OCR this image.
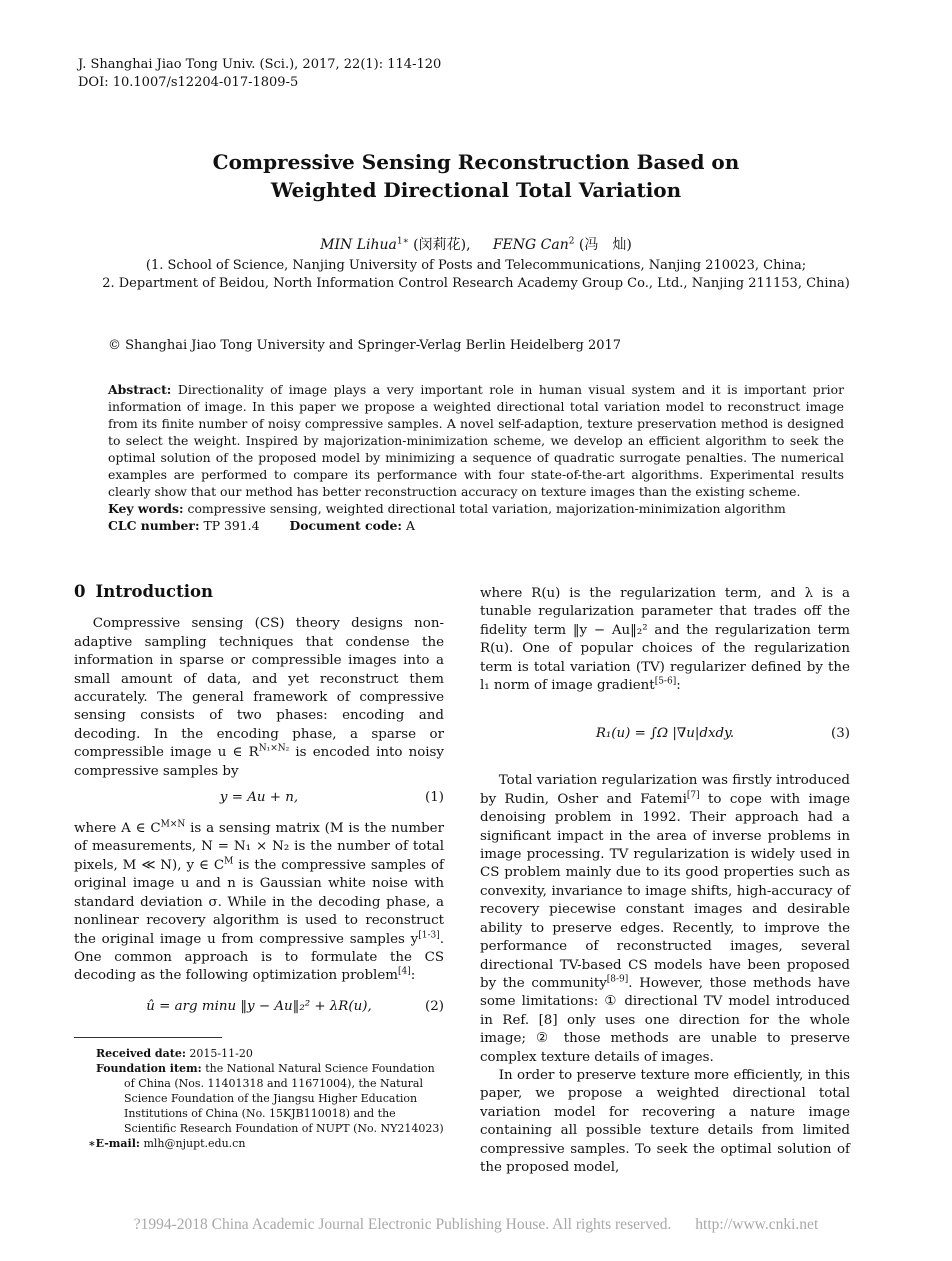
J. Shanghai Jiao Tong Univ. (Sci.), 2017, 22(1): 114-120
DOI: 10.1007/s12204-017-1809-5
Compressive Sensing Reconstruction Based on
Weighted Directional Total Variation
MIN Lihua$^{1∗}$ (闵莉花), FENG Can$^2$ (冯　灿)
(1. School of Science, Nanjing University of Posts and Telecommunications, Nanjing 210023, China;
2. Department of Beidou, North Information Control Research Academy Group Co., Ltd., Nanjing 211153, China)
© Shanghai Jiao Tong University and Springer-Verlag Berlin Heidelberg 2017
Abstract: Directionality of image plays a very important role in human visual system and it is important prior information of image. In this paper we propose a weighted directional total variation model to reconstruct image from its finite number of noisy compressive samples. A novel self-adaption, texture preservation method is designed to select the weight. Inspired by majorization-minimization scheme, we develop an efficient algorithm to seek the optimal solution of the proposed model by minimizing a sequence of quadratic surrogate penalties. The numerical examples are performed to compare its performance with four state-of-the-art algorithms. Experimental results clearly show that our method has better reconstruction accuracy on texture images than the existing scheme.
Key words: compressive sensing, weighted directional total variation, majorization-minimization algorithm
CLC number: TP 391.4 Document code: A
0 Introduction

Compressive sensing (CS) theory designs non-adaptive sampling techniques that condense the information in sparse or compressible images into a small amount of data, and yet reconstruct them accurately. The general framework of compressive sensing consists of two phases: encoding and decoding. In the encoding phase, a sparse or compressible image u ∈ $R^{N_1\times N_2}$ is encoded into noisy compressive samples by

y = Au + n,	(1)

where A ∈ $C^{M\times N}$ is a sensing matrix (M is the number of measurements, N = N₁ × N₂ is the number of total pixels, M ≪ N), y ∈ $C^M$ is the compressive samples of original image u and n is Gaussian white noise with standard deviation σ. While in the decoding phase, a nonlinear recovery algorithm is used to reconstruct the original image u from compressive samples y[1-3]. One common approach is to formulate the CS decoding as the following optimization problem[4]:

û = arg min‍u ‖y − Au‖₂² + λR(u),	(2)
Received date: 2015-11-20
Foundation item: the National Natural Science Foundation of China (Nos. 11401318 and 11671004), the Natural Science Foundation of the Jiangsu Higher Education Institutions of China (No. 15KJB110018) and the Scientific Research Foundation of NUPT (No. NY214023)
∗E-mail: mlh@njupt.edu.cn

where R(u) is the regularization term, and λ is a tunable regularization parameter that trades off the fidelity term ‖y − Au‖₂² and the regularization term R(u). One of popular choices of the regularization term is total variation (TV) regularizer defined by the l₁ norm of image gradient[5-6]:

R₁(u) = ∫Ω |∇u|dxdy.	(3)

Total variation regularization was firstly introduced by Rudin, Osher and Fatemi[7] to cope with image denoising problem in 1992. Their approach had a significant impact in the area of inverse problems in image processing. TV regularization is widely used in CS problem mainly due to its good properties such as convexity, invariance to image shifts, high-accuracy of recovery piecewise constant images and desirable ability to preserve edges. Recently, to improve the performance of reconstructed images, several directional TV-based CS models have been proposed by the community[8-9]. However, those methods have some limitations: ① directional TV model introduced in Ref. [8] only uses one direction for the whole image; ② those methods are unable to preserve complex texture details of images.

In order to preserve texture more efficiently, in this paper, we propose a weighted directional total variation model for recovering a nature image containing all possible texture details from limited compressive samples. To seek the optimal solution of the proposed model,

?1994-2018 China Academic Journal Electronic Publishing House. All rights reserved. http://www.cnki.net
